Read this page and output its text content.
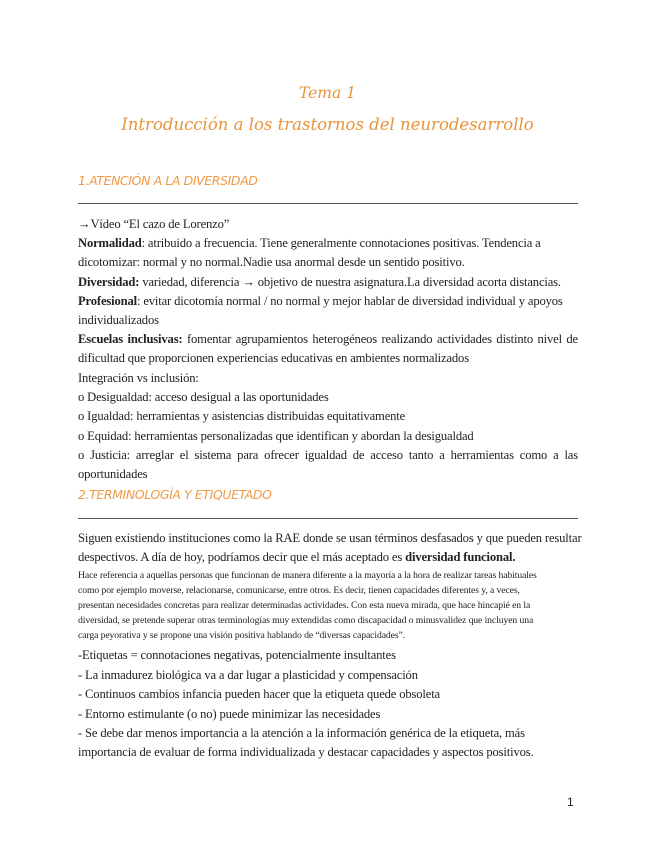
Tema 1
Introducción a los trastornos del neurodesarrollo
1.ATENCIÓN A LA DIVERSIDAD
→Vídeo “El cazo de Lorenzo”
Normalidad: atribuido a frecuencia. Tiene generalmente connotaciones positivas. Tendencia a
dicotomizar: normal y no normal.Nadie usa anormal desde un sentido positivo.
Diversidad: variedad, diferencia → objetivo de nuestra asignatura.La diversidad acorta distancias.
Profesional: evitar dicotomía normal / no normal y mejor hablar de diversidad individual y apoyos
individualizados
Escuelas inclusivas: fomentar agrupamientos heterogéneos realizando actividades distinto nivel de
dificultad que proporcionen experiencias educativas en ambientes normalizados
Integración vs inclusión:
o Desigualdad: acceso desigual a las oportunidades
o Igualdad: herramientas y asistencias distribuidas equitativamente
o Equidad: herramientas personalizadas que identifican y abordan la desigualdad
o Justicia: arreglar el sistema para ofrecer igualdad de acceso tanto a herramientas como a las
oportunidades
2.TERMINOLOGÍA Y ETIQUETADO
Siguen existiendo instituciones como la RAE donde se usan términos desfasados y que pueden resultar
despectivos. A día de hoy, podríamos decir que el más aceptado es diversidad funcional.
Hace referencia a aquellas personas que funcionan de manera diferente a la mayoría a la hora de realizar tareas habituales
como por ejemplo moverse, relacionarse, comunicarse, entre otros. Es decir, tienen capacidades diferentes y, a veces,
presentan necesidades concretas para realizar determinadas actividades. Con esta nueva mirada, que hace hincapié en la
diversidad, se pretende superar otras terminologías muy extendidas como discapacidad o minusvalidez que incluyen una
carga peyorativa y se propone una visión positiva hablando de “diversas capacidades”.
-Etiquetas = connotaciones negativas, potencialmente insultantes
- La inmadurez biológica va a dar lugar a plasticidad y compensación
- Continuos cambios infancia pueden hacer que la etiqueta quede obsoleta
- Entorno estimulante (o no) puede minimizar las necesidades
- Se debe dar menos importancia a la atención a la información genérica de la etiqueta, más
importancia de evaluar de forma individualizada y destacar capacidades y aspectos positivos.
1
